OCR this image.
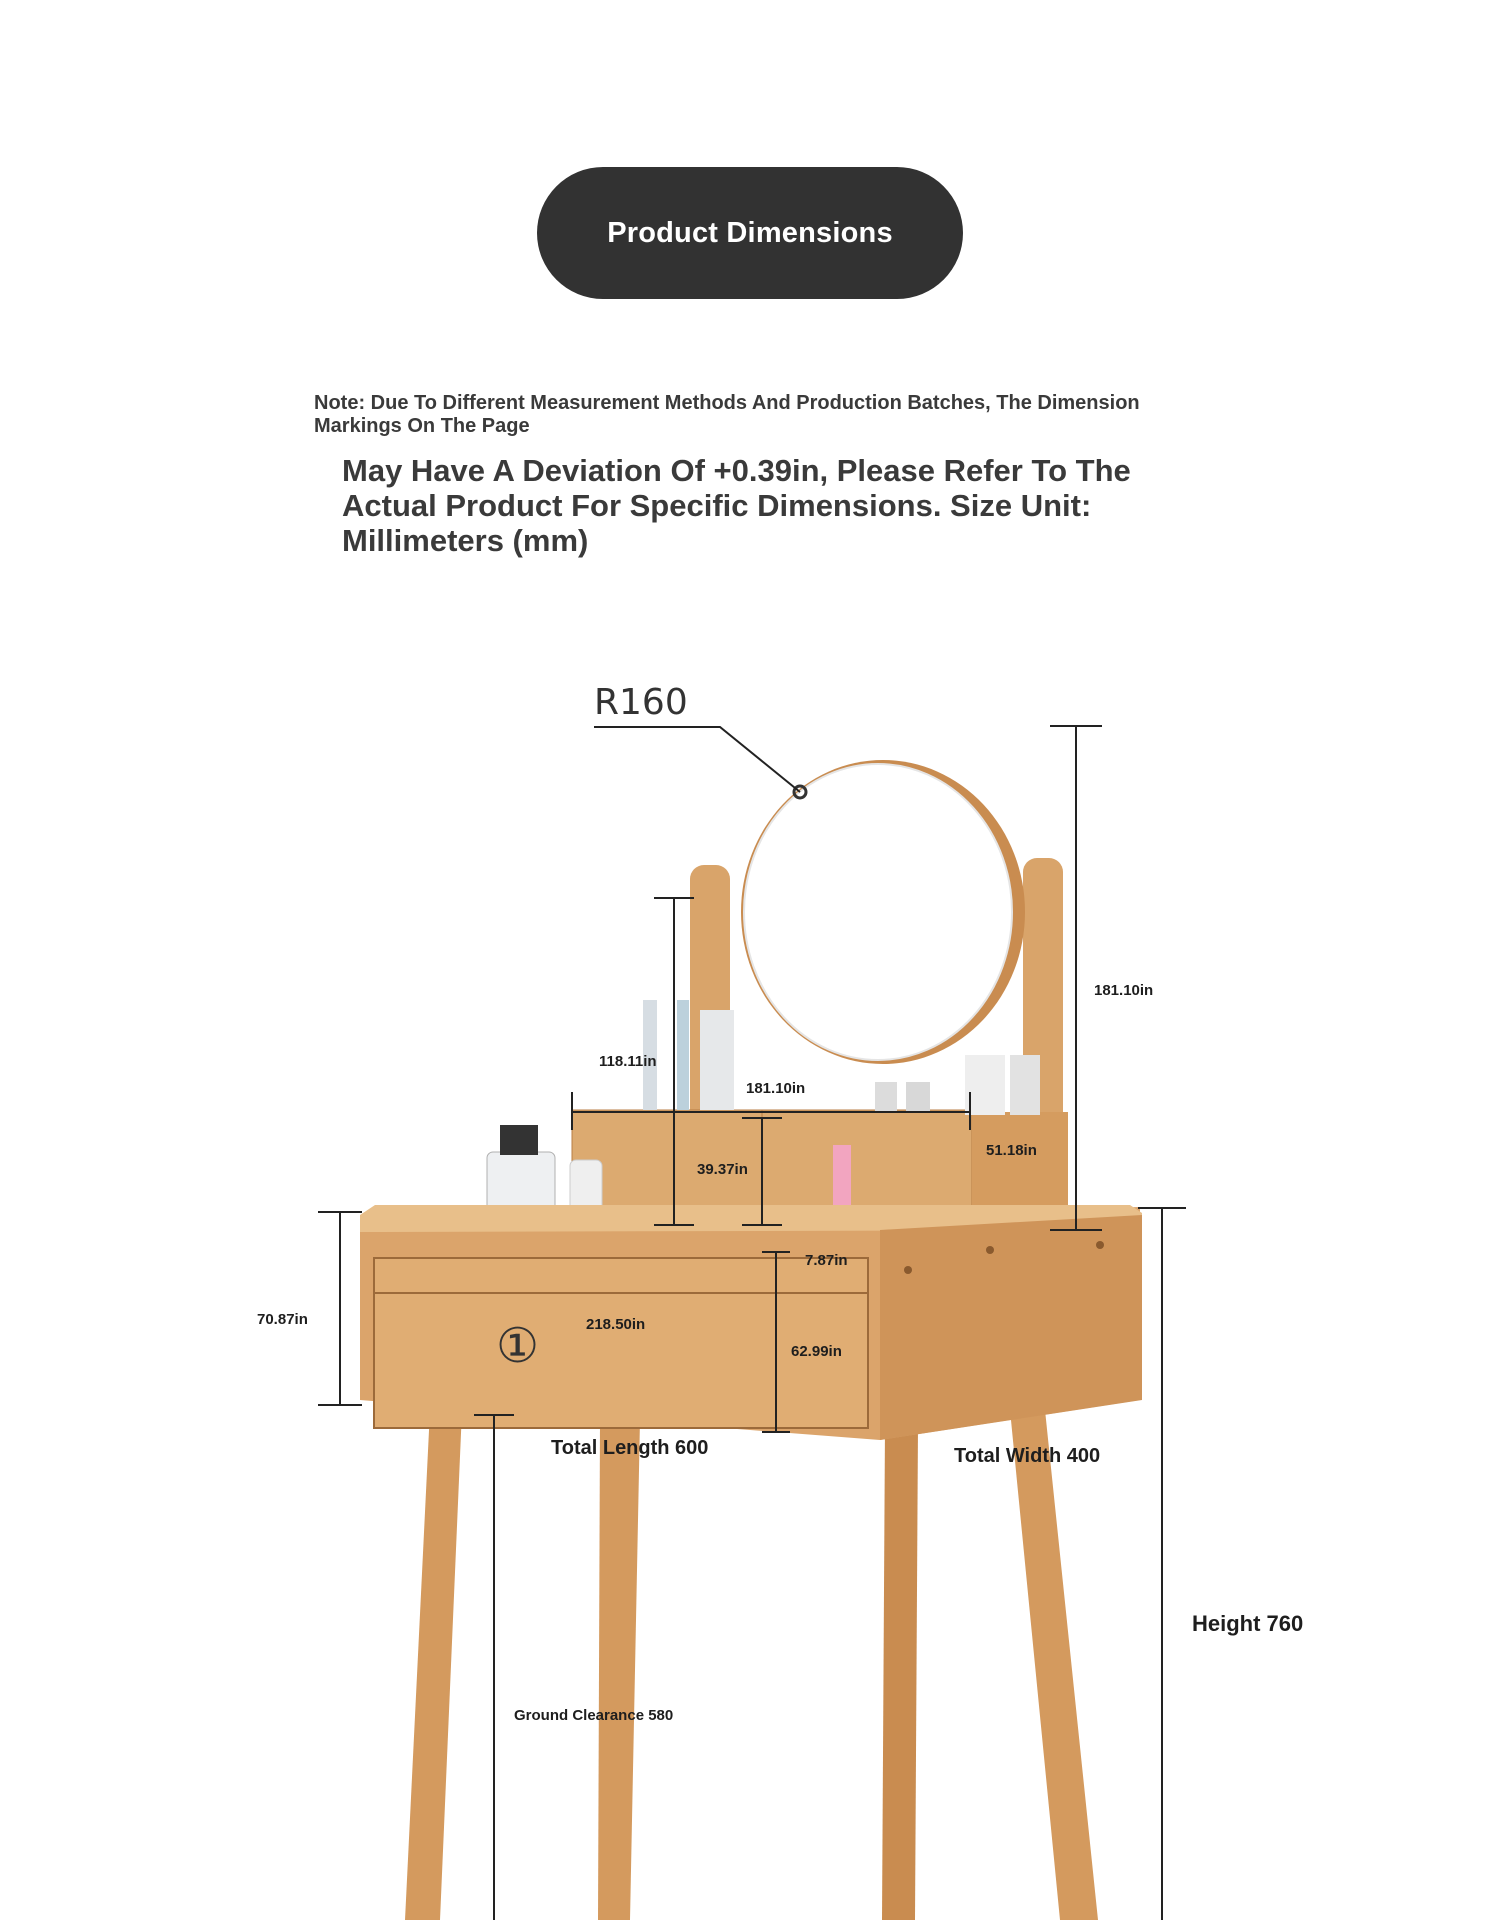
Product Dimensions
Note: Due To Different Measurement Methods And Production Batches, The Dimension Markings On The Page
May Have A Deviation Of +0.39in, Please Refer To The Actual Product For Specific Dimensions. Size Unit: Millimeters (mm)
R160
①
181.10in
118.11in
181.10in
39.37in
51.18in
7.87in
70.87in	218.50in
62.99in
Total Length 600	Total Width 400
Height 760
Ground Clearance 580
